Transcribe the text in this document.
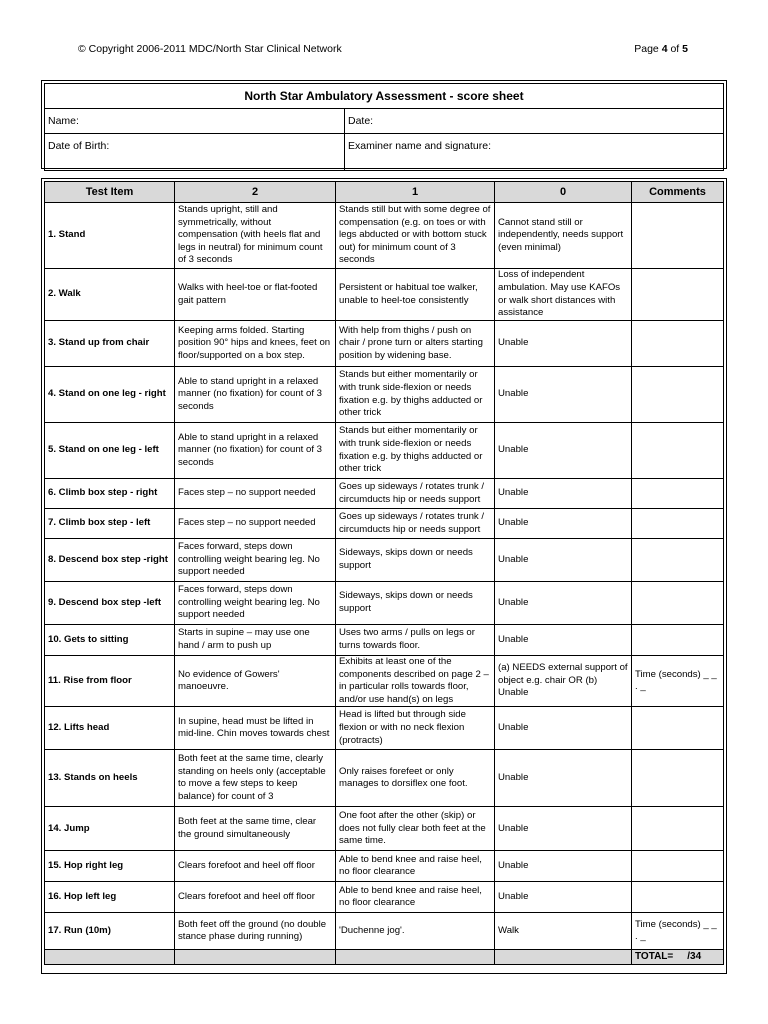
© Copyright 2006-2011 MDC/North Star Clinical Network	Page 4 of 5
North Star Ambulatory Assessment - score sheet	
Name:	Date:
Date of Birth:	Examiner name and signature:
Test Item	2	1	0	Comments
1. Stand	Stands upright, still and symmetrically, without compensation (with heels flat and legs in neutral) for minimum count of 3 seconds	Stands still but with some degree of compensation (e.g. on toes or with legs abducted or with bottom stuck out) for minimum count of 3 seconds	Cannot stand still or independently, needs support (even minimal)	
2. Walk	Walks with heel-toe or flat-footed gait pattern	Persistent or habitual toe walker, unable to heel-toe consistently	Loss of independent ambulation. May use KAFOs or walk short distances with assistance	
3. Stand up from chair	Keeping arms folded. Starting position 90° hips and knees, feet on floor/supported on a box step.	With help from thighs / push on chair / prone turn or alters starting position by widening base.	Unable	
4. Stand on one leg - right	Able to stand upright in a relaxed manner (no fixation) for count of 3 seconds	Stands but either momentarily or with trunk side-flexion or needs fixation e.g. by thighs adducted or other trick	Unable	
5. Stand on one leg - left	Able to stand upright in a relaxed manner (no fixation) for count of 3 seconds	Stands but either momentarily or with trunk side-flexion or needs fixation e.g. by thighs adducted or other trick	Unable	
6. Climb box step - right	Faces step – no support needed	Goes up sideways / rotates trunk / circumducts hip or needs support	Unable	
7. Climb box step - left	Faces step – no support needed	Goes up sideways / rotates trunk / circumducts hip or needs support	Unable	
8. Descend box step -right	Faces forward, steps down controlling weight bearing leg. No support needed	Sideways, skips down or needs support	Unable	
9. Descend box step -left	Faces forward, steps down controlling weight bearing leg. No support needed	Sideways, skips down or needs support	Unable	
10. Gets to sitting	Starts in supine – may use one hand / arm to push up	Uses two arms / pulls on legs or turns towards floor.	Unable	
11. Rise from floor	No evidence of Gowers' manoeuvre.	Exhibits at least one of the components described on page 2 – in particular rolls towards floor, and/or use hand(s) on legs	(a) NEEDS external support of object e.g. chair OR (b) Unable	Time (seconds) _ _ . _
12. Lifts head	In supine, head must be lifted in mid-line. Chin moves towards chest	Head is lifted but through side flexion or with no neck flexion (protracts)	Unable	
13. Stands on heels	Both feet at the same time, clearly standing on heels only (acceptable to move a few steps to keep balance) for count of 3	Only raises forefeet or only manages to dorsiflex one foot.	Unable	
14. Jump	Both feet at the same time, clear the ground simultaneously	One foot after the other (skip) or does not fully clear both feet at the same time.	Unable	
15. Hop right leg	Clears forefoot and heel off floor	Able to bend knee and raise heel, no floor clearance	Unable	
16. Hop left leg	Clears forefoot and heel off floor	Able to bend knee and raise heel, no floor clearance	Unable	
17. Run (10m)	Both feet off the ground (no double stance phase during running)	'Duchenne jog'.	Walk	Time (seconds) _ _ . _
				TOTAL= /34
